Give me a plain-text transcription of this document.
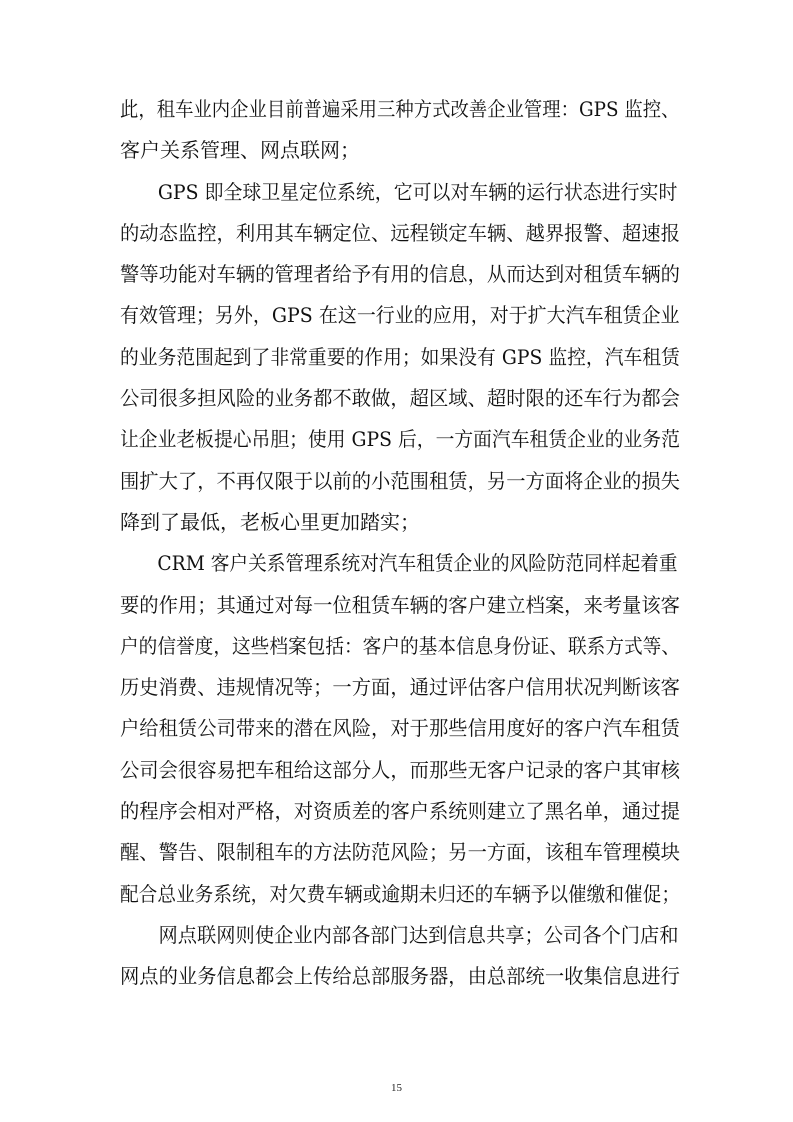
此，租车业内企业目前普遍采用三种方式改善企业管理：GPS 监控、
客户关系管理、网点联网；
GPS 即全球卫星定位系统，它可以对车辆的运行状态进行实时
的动态监控，利用其车辆定位、远程锁定车辆、越界报警、超速报
警等功能对车辆的管理者给予有用的信息，从而达到对租赁车辆的
有效管理；另外，GPS 在这一行业的应用，对于扩大汽车租赁企业
的业务范围起到了非常重要的作用；如果没有 GPS 监控，汽车租赁
公司很多担风险的业务都不敢做，超区域、超时限的还车行为都会
让企业老板提心吊胆；使用 GPS 后，一方面汽车租赁企业的业务范
围扩大了，不再仅限于以前的小范围租赁，另一方面将企业的损失
降到了最低，老板心里更加踏实；
CRM 客户关系管理系统对汽车租赁企业的风险防范同样起着重
要的作用；其通过对每一位租赁车辆的客户建立档案，来考量该客
户的信誉度，这些档案包括：客户的基本信息身份证、联系方式等、
历史消费、违规情况等；一方面，通过评估客户信用状况判断该客
户给租赁公司带来的潜在风险，对于那些信用度好的客户汽车租赁
公司会很容易把车租给这部分人，而那些无客户记录的客户其审核
的程序会相对严格，对资质差的客户系统则建立了黑名单，通过提
醒、警告、限制租车的方法防范风险；另一方面，该租车管理模块
配合总业务系统，对欠费车辆或逾期未归还的车辆予以催缴和催促；
网点联网则使企业内部各部门达到信息共享；公司各个门店和
网点的业务信息都会上传给总部服务器，由总部统一收集信息进行
15
